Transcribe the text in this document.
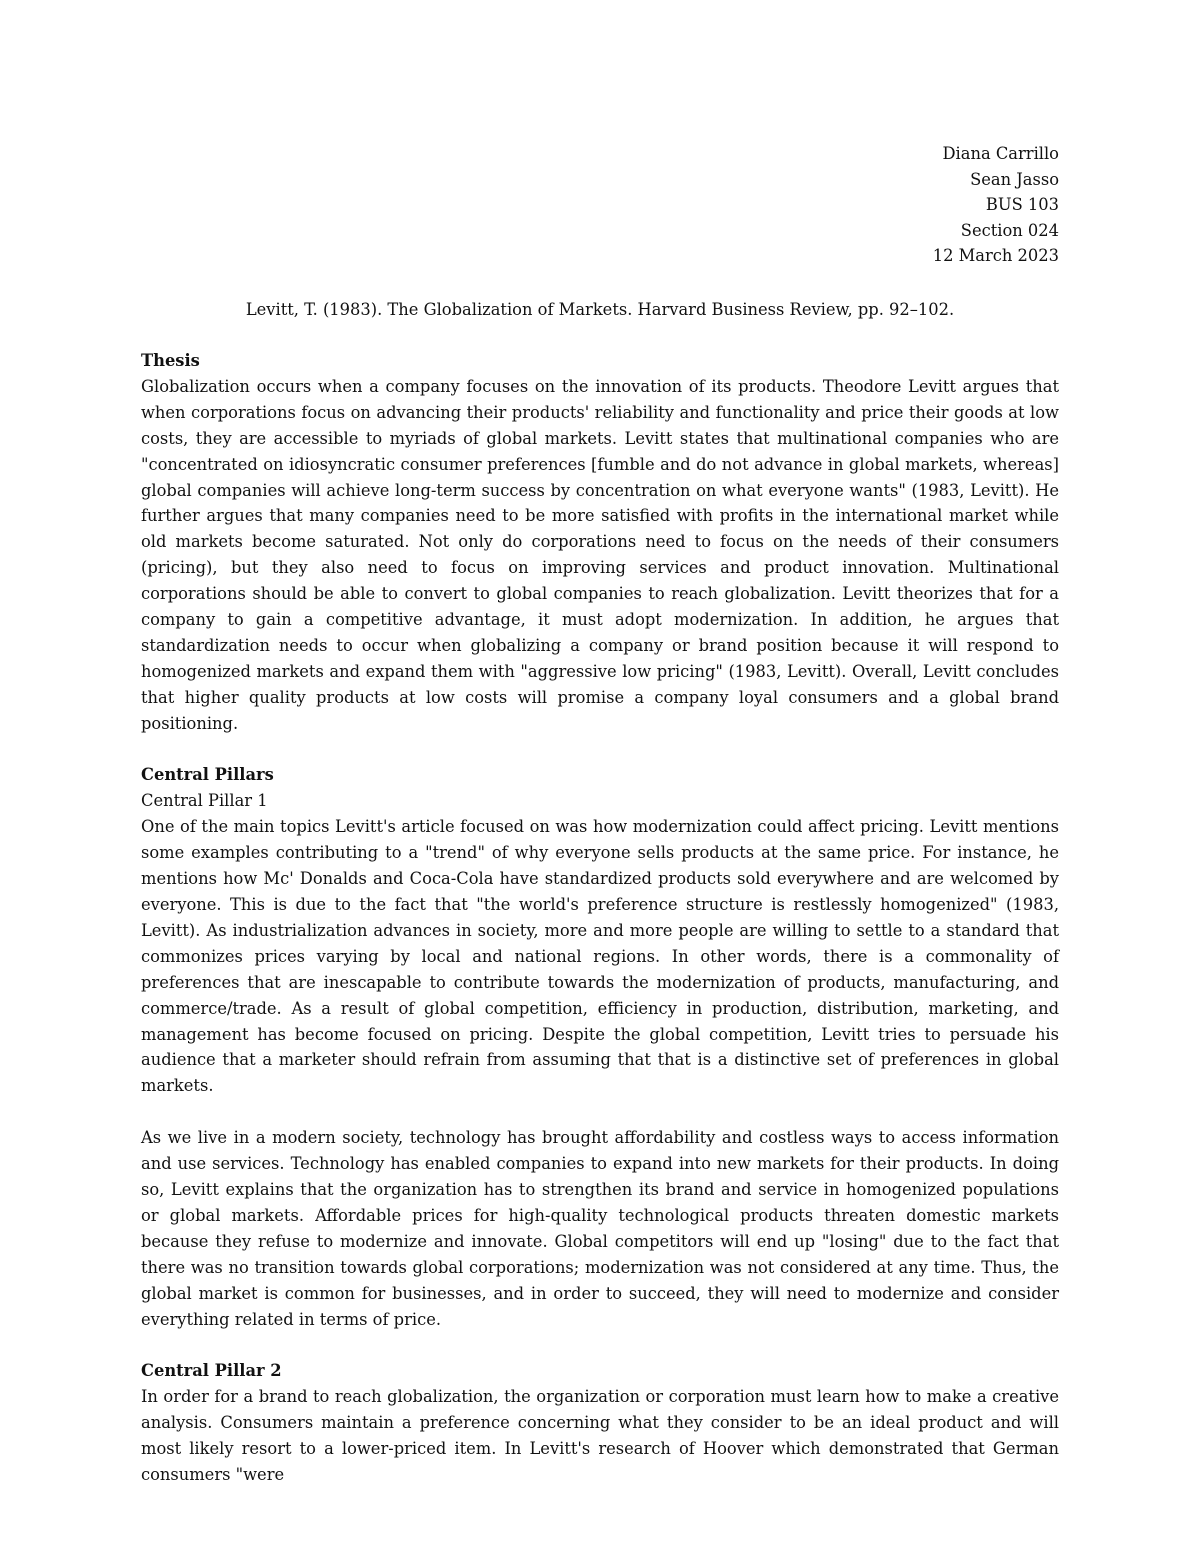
Diana Carrillo
Sean Jasso
BUS 103
Section 024
12 March 2023
Levitt, T. (1983). The Globalization of Markets. Harvard Business Review, pp. 92–102.

Thesis

Globalization occurs when a company focuses on the innovation of its products. Theodore Levitt argues that when corporations focus on advancing their products' reliability and functionality and price their goods at low costs, they are accessible to myriads of global markets. Levitt states that multinational companies who are "concentrated on idiosyncratic consumer preferences [fumble and do not advance in global markets, whereas] global companies will achieve long-term success by concentration on what everyone wants" (1983, Levitt). He further argues that many companies need to be more satisfied with profits in the international market while old markets become saturated. Not only do corporations need to focus on the needs of their consumers (pricing), but they also need to focus on improving services and product innovation. Multinational corporations should be able to convert to global companies to reach globalization. Levitt theorizes that for a company to gain a competitive advantage, it must adopt modernization. In addition, he argues that standardization needs to occur when globalizing a company or brand position because it will respond to homogenized markets and expand them with "aggressive low pricing" (1983, Levitt). Overall, Levitt concludes that higher quality products at low costs will promise a company loyal consumers and a global brand positioning.

Central Pillars

Central Pillar 1

One of the main topics Levitt's article focused on was how modernization could affect pricing. Levitt mentions some examples contributing to a "trend" of why everyone sells products at the same price. For instance, he mentions how Mc' Donalds and Coca-Cola have standardized products sold everywhere and are welcomed by everyone. This is due to the fact that "the world's preference structure is restlessly homogenized" (1983, Levitt). As industrialization advances in society, more and more people are willing to settle to a standard that commonizes prices varying by local and national regions. In other words, there is a commonality of preferences that are inescapable to contribute towards the modernization of products, manufacturing, and commerce/trade. As a result of global competition, efficiency in production, distribution, marketing, and management has become focused on pricing. Despite the global competition, Levitt tries to persuade his audience that a marketer should refrain from assuming that that is a distinctive set of preferences in global markets.

As we live in a modern society, technology has brought affordability and costless ways to access information and use services. Technology has enabled companies to expand into new markets for their products. In doing so, Levitt explains that the organization has to strengthen its brand and service in homogenized populations or global markets. Affordable prices for high-quality technological products threaten domestic markets because they refuse to modernize and innovate. Global competitors will end up "losing" due to the fact that there was no transition towards global corporations; modernization was not considered at any time. Thus, the global market is common for businesses, and in order to succeed, they will need to modernize and consider everything related in terms of price.

Central Pillar 2

In order for a brand to reach globalization, the organization or corporation must learn how to make a creative analysis. Consumers maintain a preference concerning what they consider to be an ideal product and will most likely resort to a lower-priced item. In Levitt's research of Hoover which demonstrated that German consumers "were
